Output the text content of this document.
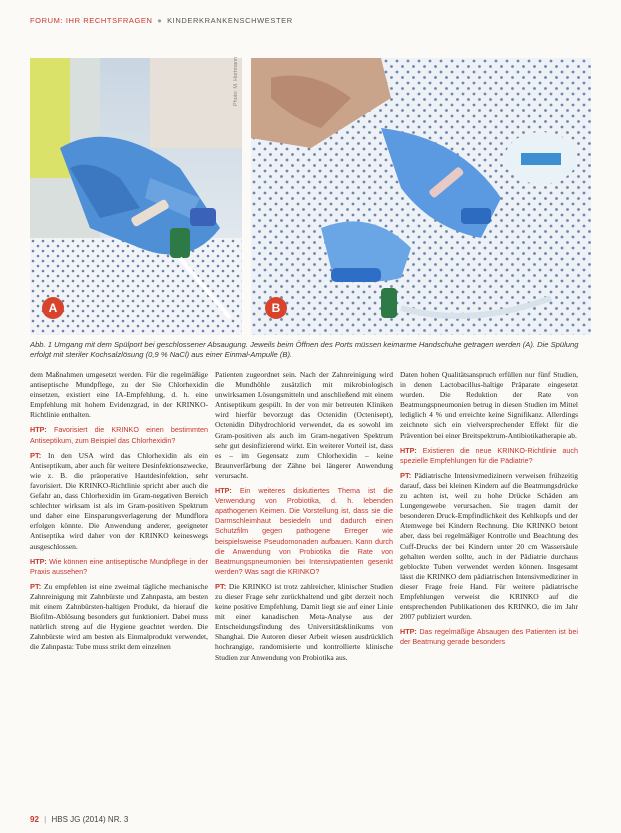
FORUM: IHR RECHTSFRAGEN ● KINDERKRANKENSCHWESTER
A
Photo: M. Hortmann
B
Abb. 1 Umgang mit dem Spülport bei geschlossener Absaugung. Jeweils beim Öffnen des Ports müssen keimarme Handschuhe getragen werden (A). Die Spülung erfolgt mit steriler Kochsalzlösung (0,9 % NaCl) aus einer Einmal-Ampulle (B).

dem Maßnahmen umgesetzt werden. Für die regelmäßige antiseptische Mundpflege, zu der Sie Chlorhexidin einsetzen, existiert eine IA-Empfehlung, d. h. eine Empfehlung mit hohem Evidenzgrad, in der KRINKO-Richtlinie enthalten.

HTP: Favorisiert die KRINKO einen bestimmten Antiseptikum, zum Beispiel das Chlorhexidin?

PT: In den USA wird das Chlorhexidin als ein Antiseptikum, aber auch für weitere Desinfektionszwecke, wie z. B. die präoperative Hautdesinfektion, sehr favorisiert. Die KRINKO-Richtlinie spricht aber auch die Gefahr an, dass Chlorhexidin im Gram-negativen Bereich schlechter wirksam ist als im Gram-positiven Spektrum und daher eine Einsparungsverlagerung der Mundflora erfolgen könnte. Die Anwendung anderer, geeigneter Antiseptika wird daher von der KRINKO keineswegs ausgeschlossen.

HTP: Wie können eine antiseptische Mundpflege in der Praxis aussehen?

PT: Zu empfehlen ist eine zweimal tägliche mechanische Zahnreinigung mit Zahnbürste und Zahnpasta, am besten mit einem Zahnbürsten-haltigen Produkt, da hierauf die Biofilm-Ablösung besonders gut funktioniert. Dabei muss natürlich streng auf die Hygiene geachtet werden. Die Zahnbürste wird am besten als Einmalprodukt verwendet, die Zahnpasta: Tube muss strikt dem einzelnen

Patienten zugeordnet sein. Nach der Zahnreinigung wird die Mundhöhle zusätzlich mit mikrobiologisch unwirksamen Lösungsmitteln und anschließend mit einem Antiseptikum gespült. In der von mir betreuten Kliniken wird hierfür bevorzugt das Octenidin (Octenisept), Octenidin Dihydrochlorid verwendet, da es sowohl im Gram-positiven als auch im Gram-negativen Spektrum sehr gut desinfizierend wirkt. Ein weiterer Vorteil ist, dass es – im Gegensatz zum Chlorhexidin – keine Braunverfärbung der Zähne bei längerer Anwendung verursacht.

HTP: Ein weiteres diskutiertes Thema ist die Verwendung von Probiotika, d. h. lebenden apathogenen Keimen. Die Vorstellung ist, dass sie die Darmschleimhaut besiedeln und dadurch einen Schutzfilm gegen pathogene Erreger wie beispielsweise Pseudomonaden aufbauen. Kann durch die Anwendung von Probiotika die Rate von Beatmungspneumonien bei Intensivpatienten gesenkt werden? Was sagt die KRINKO?

PT: Die KRINKO ist trotz zahlreicher, klinischer Studien zu dieser Frage sehr zurückhaltend und gibt derzeit noch keine positive Empfehlung. Damit liegt sie auf einer Linie mit einer kanadischen Meta-Analyse aus der Entscheidungsfindung des Universitätsklinikums von Shanghai. Die Autoren dieser Arbeit wiesen ausdrücklich hochrangige, randomisierte und kontrollierte klinische Studien zur Anwendung von Probiotika aus.

Daten hohen Qualitätsanspruch erfüllen nur fünf Studien, in denen Lactobacillus-haltige Präparate eingesetzt wurden. Die Reduktion der Rate von Beatmungspneumonien betrug in diesen Studien im Mittel lediglich 4 % und erreichte keine Signifikanz. Allerdings zeichnete sich ein vielversprechender Effekt für die Prävention bei einer Breitspektrum-Antibiotikatherapie ab.

HTP: Existieren die neue KRINKO-Richtlinie auch spezielle Empfehlungen für die Pädiatrie?

PT: Pädiatrische Intensivmedizinern verweisen frühzeitig darauf, dass bei kleinen Kindern auf die Beatmungsdrücke zu achten ist, weil zu hohe Drücke Schäden am Lungengewebe verursachen. Sie tragen damit der besonderen Druck-Empfindlichkeit des Kehlkopfs und der Atemwege bei Kindern Rechnung. Die KRINKO betont aber, dass bei regelmäßiger Kontrolle und Beachtung des Cuff-Drucks der bei Kindern unter 20 cm Wassersäule gehalten werden sollte, auch in der Pädiatrie durchaus geblockte Tuben verwendet werden können. Insgesamt lässt die KRINKO dem pädiatrischen Intensivmediziner in dieser Frage freie Hand. Für weitere pädiatrische Empfehlungen verweist die KRINKO auf die entsprechenden Publikationen des KRINKO, die im Jahr 2007 publiziert wurden.

HTP: Das regelmäßige Absaugen des Patienten ist bei der Beatmung gerade besonders

92 | HBS JG (2014) NR. 3
